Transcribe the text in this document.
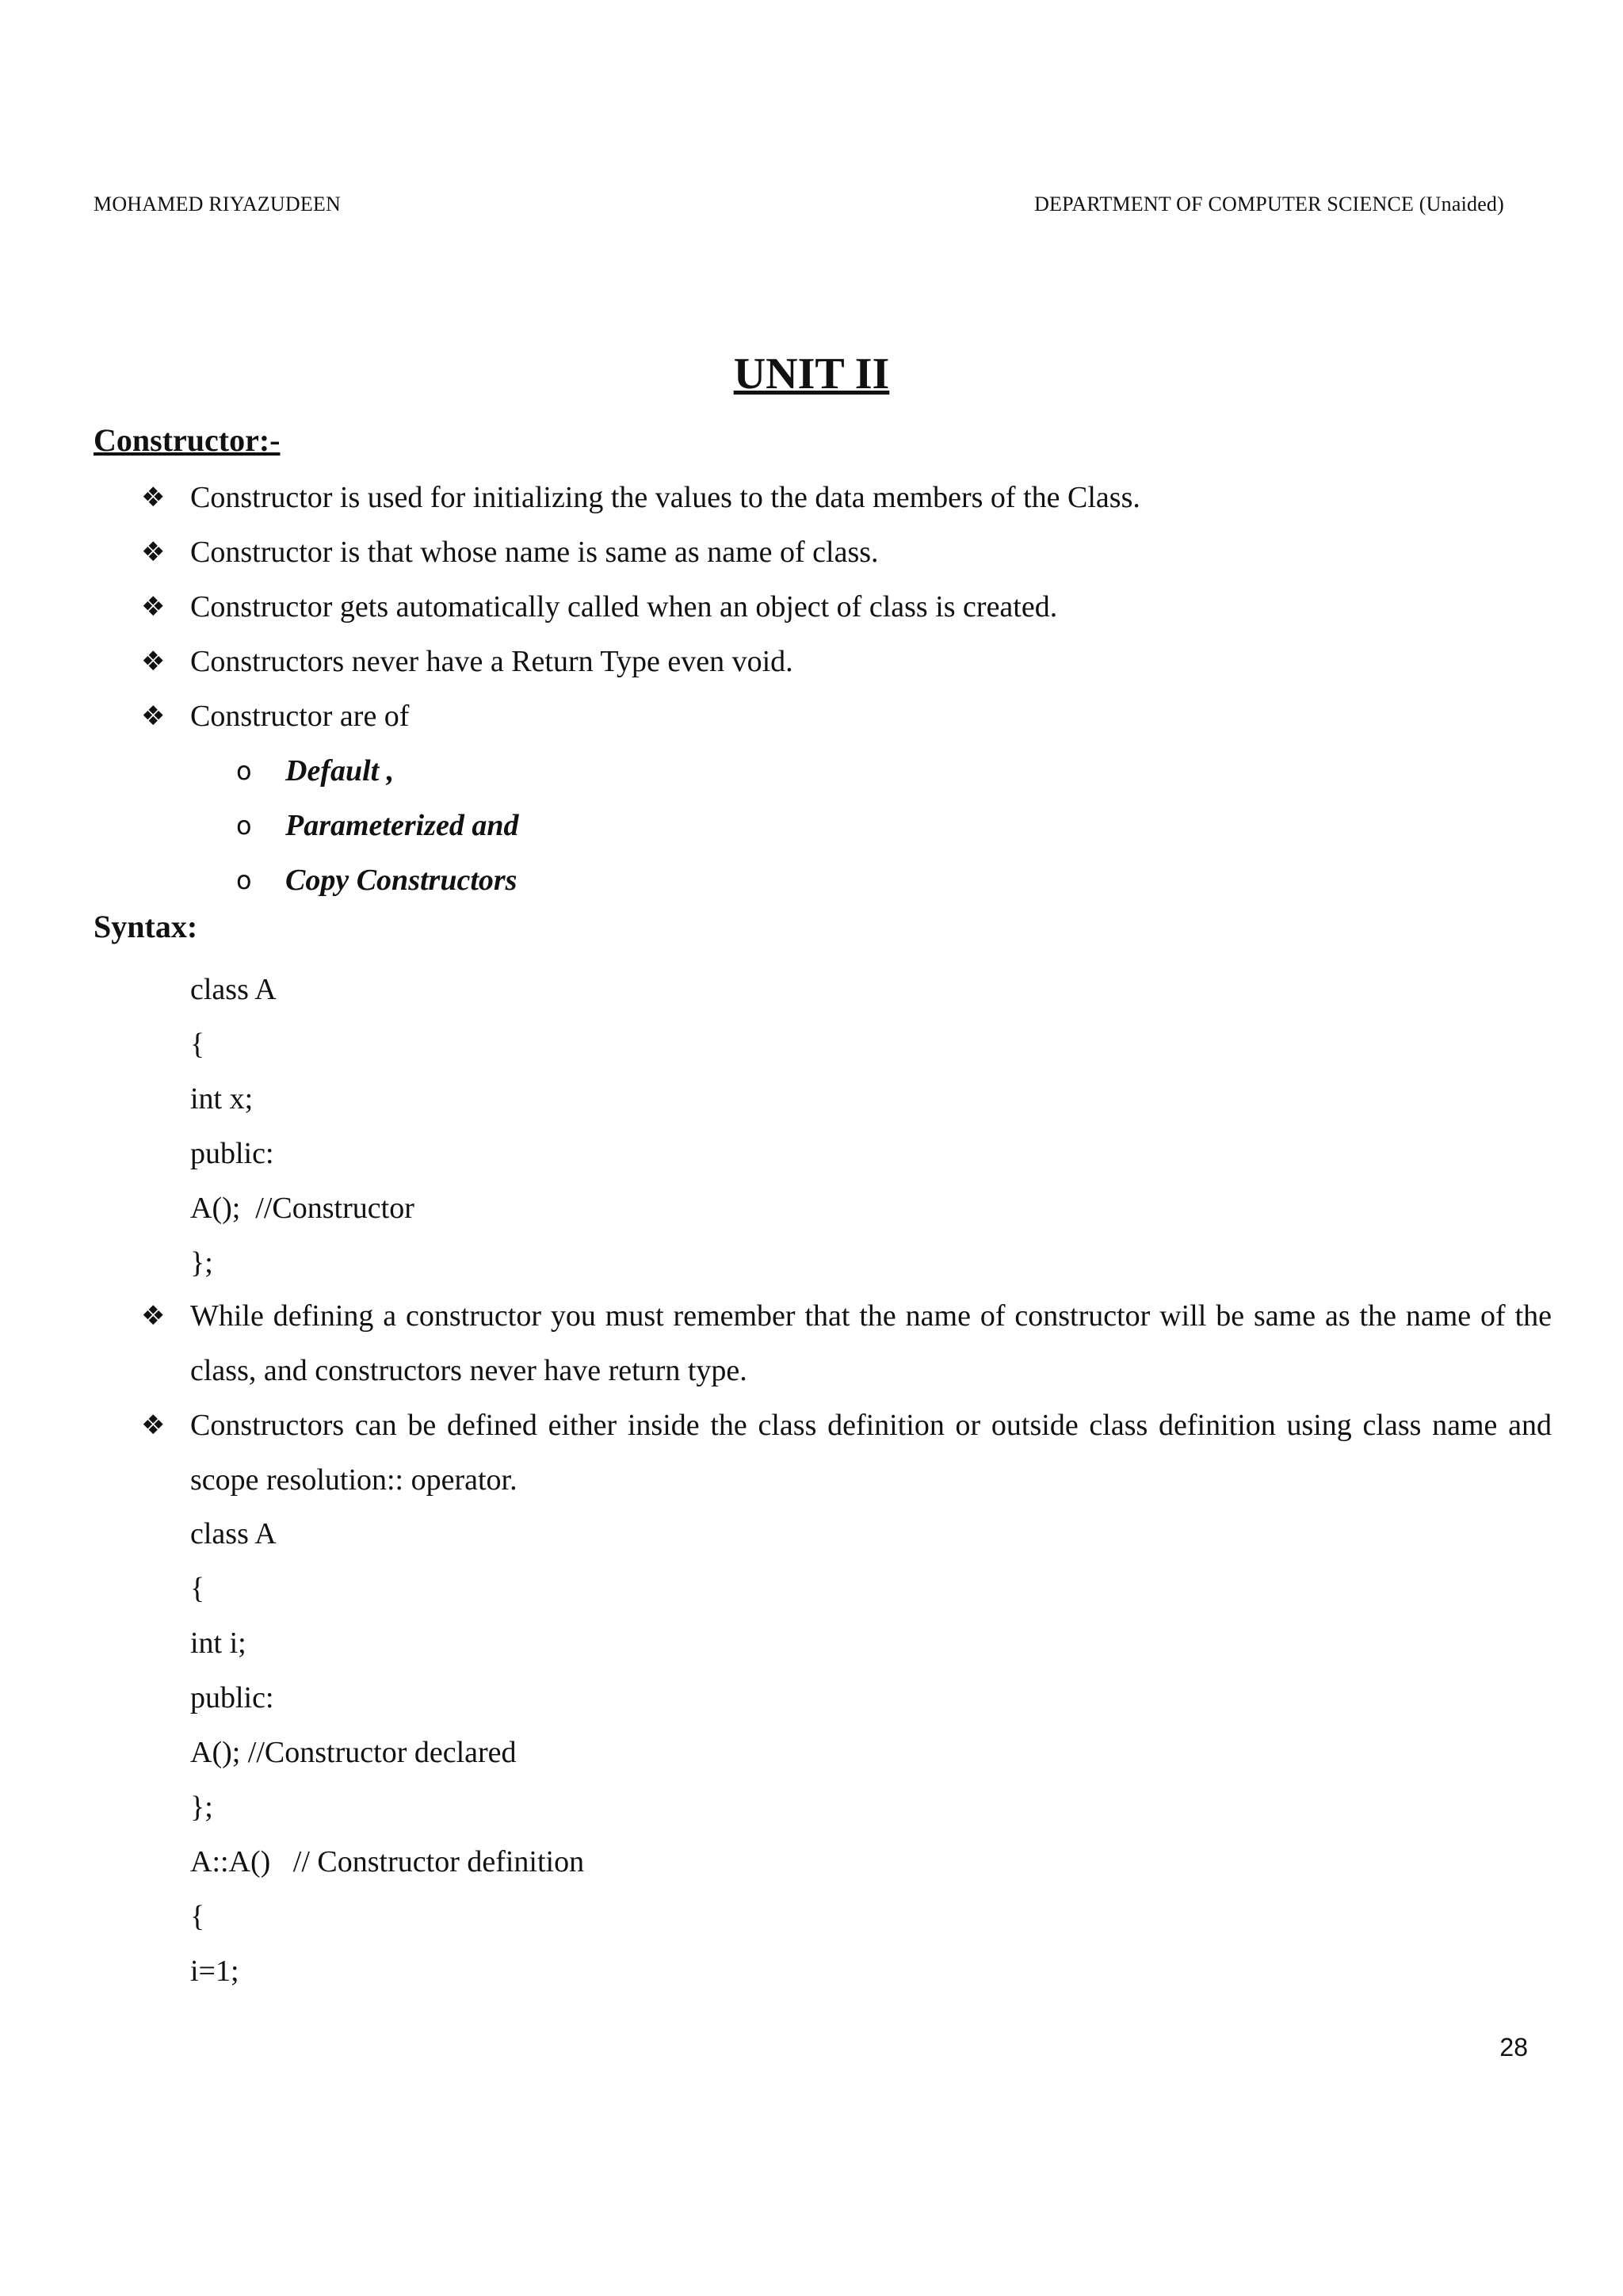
MOHAMED RIYAZUDEEN	DEPARTMENT OF COMPUTER SCIENCE (Unaided)
UNIT II
Constructor:-
❖ Constructor is used for initializing the values to the data members of the Class.
❖ Constructor is that whose name is same as name of class.
❖ Constructor gets automatically called when an object of class is created.
❖ Constructors never have a Return Type even void.
❖ Constructor are of
o Default ,
o Parameterized and
o Copy Constructors
Syntax:
class A
{
int x;
public:
A();  //Constructor
};
❖ While defining a constructor you must remember that the name of constructor will be same as the name of the class, and constructors never have return type.
❖ Constructors can be defined either inside the class definition or outside class definition using class name and scope resolution:: operator.
class A
{
int i;
public:
A(); //Constructor declared
};
A::A()   // Constructor definition
{
i=1;
28
